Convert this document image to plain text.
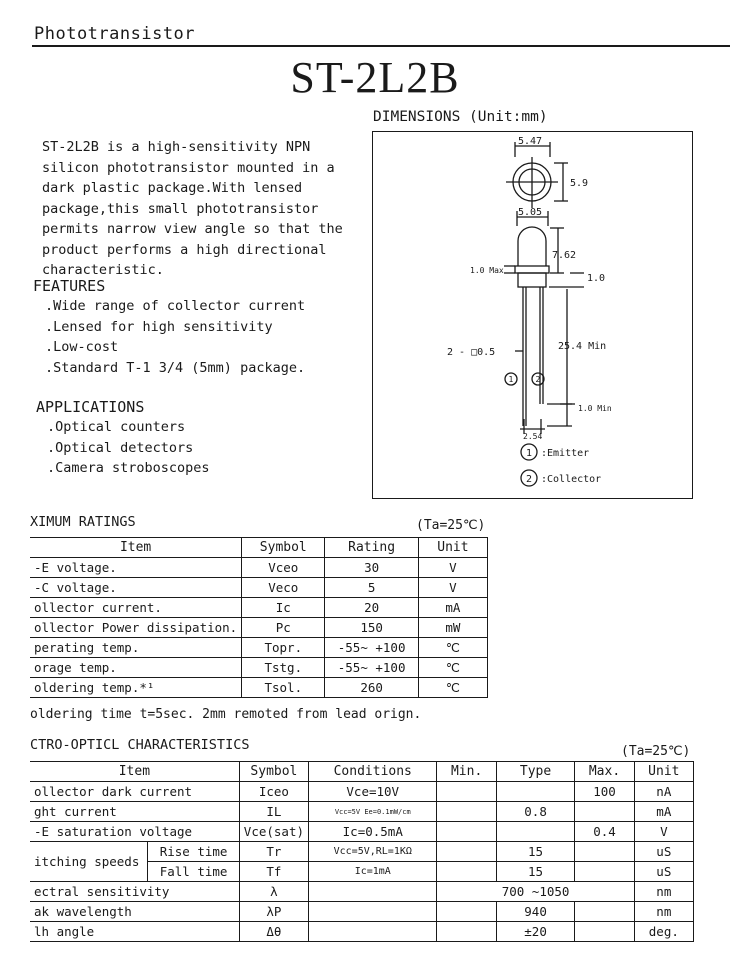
Phototransistor
ST-2L2B
ST-2L2B is a high-sensitivity NPN silicon phototransistor mounted in a dark plastic package.With lensed package,this small phototransistor permits narrow view angle so that the product performs a high directional characteristic.
FEATURES
.Wide range of collector current
.Lensed for high sensitivity
.Low-cost
.Standard T-1 3/4 (5mm) package.
APPLICATIONS
.Optical counters
.Optical detectors
.Camera stroboscopes
DIMENSIONS (Unit:mm)
5.47
5.9
5.05
7.62
1.0 Max
1.0
25.4 Min
2 - □0.5
1.0 Min
2.54
1	2
1
2
:Emitter
:Collector
XIMUM RATINGS	(Ta=25℃)
Item	Symbol	Rating	Unit
-E voltage.	Vceo	30	V
-C voltage.	Veco	5	V
ollector current.	Ic	20	mA
ollector Power dissipation.	Pc	150	mW
perating temp.	Topr.	-55~ +100	℃
orage temp.	Tstg.	-55~ +100	℃
oldering temp.*¹	Tsol.	260	℃
oldering time t=5sec. 2mm remoted from lead orign.
CTRO-OPTICL CHARACTERISTICS	(Ta=25℃)
Item		Symbol	Conditions	Min.	Type	Max.	Unit
ollector dark current		Iceo	Vce=10V			100	nA
ght current		IL	Vcc=5V Ee=0.1mW/cm		0.8		mA
-E saturation voltage		Vce(sat)	Ic=0.5mA			0.4	V
itching speeds	Rise time	Tr	Vcc=5V,RL=1KΩ		15		uS
	Fall time	Tf	Ic=1mA		15		uS
ectral sensitivity		λ		700 ~1050			nm
ak wavelength		λP			940		nm
lh angle		Δθ			±20		deg.
